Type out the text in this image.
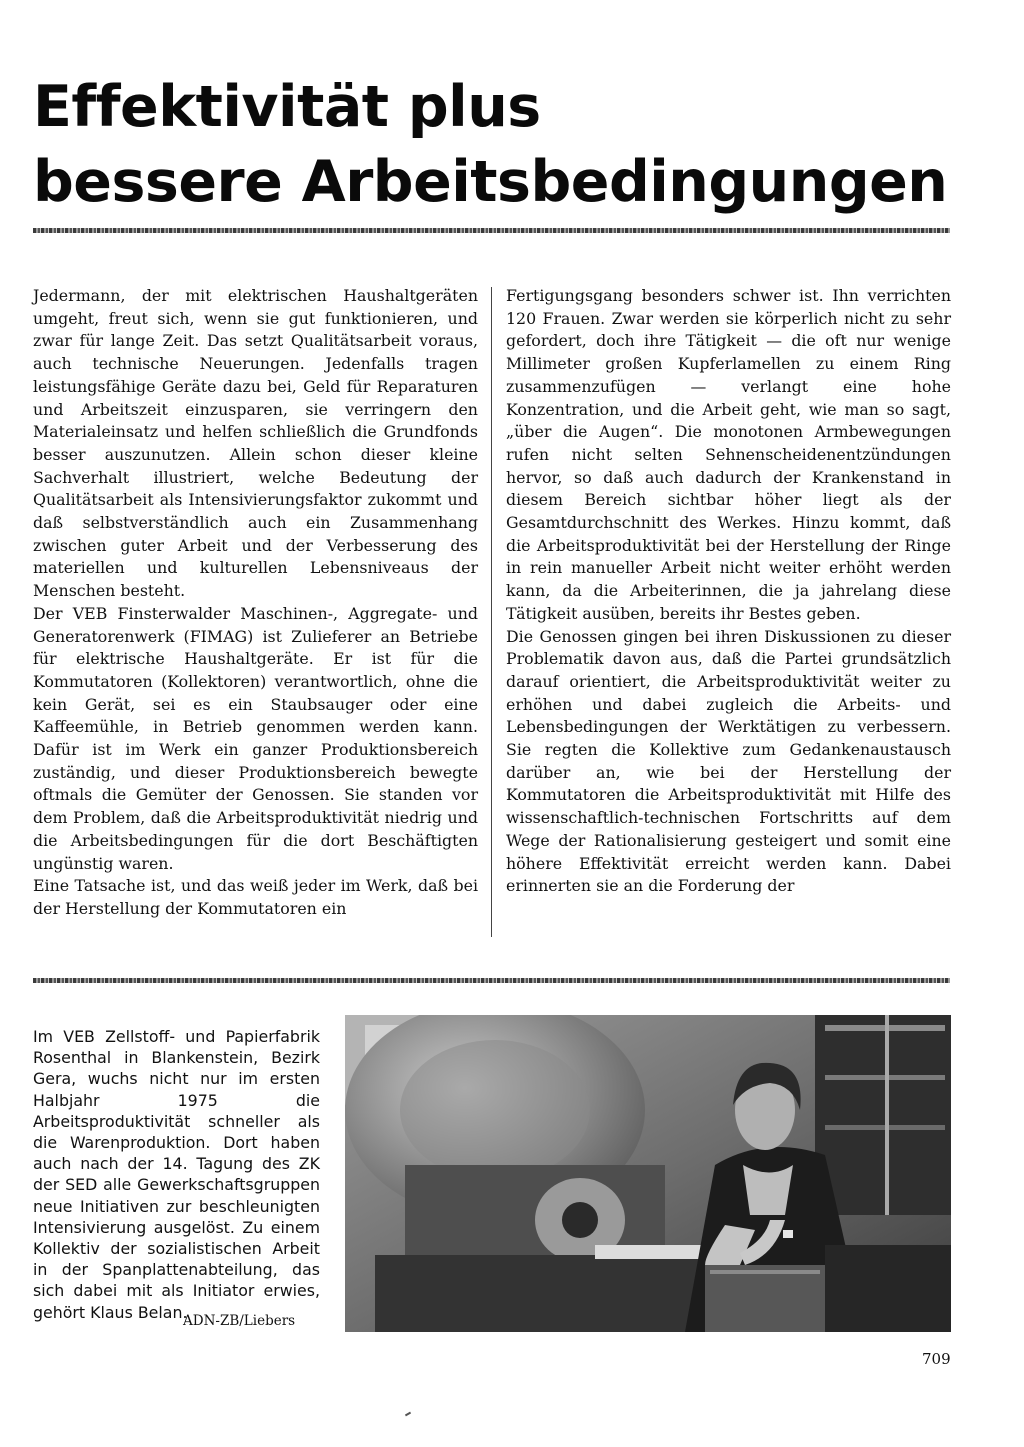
Effektivität plus
bessere Arbeitsbedingungen

Jedermann, der mit elektrischen Haushaltgeräten umgeht, freut sich, wenn sie gut funktionieren, und zwar für lange Zeit. Das setzt Qualitätsarbeit voraus, auch technische Neuerungen. Jedenfalls tragen leistungsfähige Geräte dazu bei, Geld für Reparaturen und Arbeitszeit einzusparen, sie verringern den Materialeinsatz und helfen schließlich die Grundfonds besser auszunutzen. Allein schon dieser kleine Sachverhalt illustriert, welche Bedeutung der Qualitätsarbeit als Intensivierungsfaktor zukommt und daß selbstverständlich auch ein Zusammenhang zwischen guter Arbeit und der Verbesserung des materiellen und kulturellen Lebensniveaus der Menschen besteht.

Der VEB Finsterwalder Maschinen-, Aggregate- und Generatorenwerk (FIMAG) ist Zulieferer an Betriebe für elektrische Haushaltgeräte. Er ist für die Kommutatoren (Kollektoren) verantwortlich, ohne die kein Gerät, sei es ein Staubsauger oder eine Kaffeemühle, in Betrieb genommen werden kann. Dafür ist im Werk ein ganzer Produktionsbereich zuständig, und dieser Produktionsbereich bewegte oftmals die Gemüter der Genossen. Sie standen vor dem Problem, daß die Arbeitsproduktivität niedrig und die Arbeitsbedingungen für die dort Beschäftigten ungünstig waren.

Eine Tatsache ist, und das weiß jeder im Werk, daß bei der Herstellung der Kommutatoren ein

Fertigungsgang besonders schwer ist. Ihn verrichten 120 Frauen. Zwar werden sie körperlich nicht zu sehr gefordert, doch ihre Tätigkeit — die oft nur wenige Millimeter großen Kupferlamellen zu einem Ring zusammenzufügen — verlangt eine hohe Konzentration, und die Arbeit geht, wie man so sagt, „über die Augen“. Die monotonen Armbewegungen rufen nicht selten Sehnenscheidenentzündungen hervor, so daß auch dadurch der Krankenstand in diesem Bereich sichtbar höher liegt als der Gesamtdurchschnitt des Werkes. Hinzu kommt, daß die Arbeitsproduktivität bei der Herstellung der Ringe in rein manueller Arbeit nicht weiter erhöht werden kann, da die Arbeiterinnen, die ja jahrelang diese Tätigkeit ausüben, bereits ihr Bestes geben.

Die Genossen gingen bei ihren Diskussionen zu dieser Problematik davon aus, daß die Partei grundsätzlich darauf orientiert, die Arbeitsproduktivität weiter zu erhöhen und dabei zugleich die Arbeits- und Lebensbedingungen der Werktätigen zu verbessern. Sie regten die Kollektive zum Gedankenaustausch darüber an, wie bei der Herstellung der Kommutatoren die Arbeitsproduktivität mit Hilfe des wissenschaftlich-technischen Fortschritts auf dem Wege der Rationalisierung gesteigert und somit eine höhere Effektivität erreicht werden kann. Dabei erinnerten sie an die Forderung der

Im VEB Zellstoff- und Papierfabrik Rosenthal in Blankenstein, Bezirk Gera, wuchs nicht nur im ersten Halbjahr 1975 die Arbeitsproduktivität schneller als die Warenproduktion. Dort haben auch nach der 14. Tagung des ZK der SED alle Gewerkschaftsgruppen neue Initiativen zur beschleunigten Intensivierung ausgelöst. Zu einem Kollektiv der sozialistischen Arbeit in der Spanplattenabteilung, das sich dabei mit als Initiator erwies, gehört Klaus Belan.

ADN-ZB/Liebers
709
